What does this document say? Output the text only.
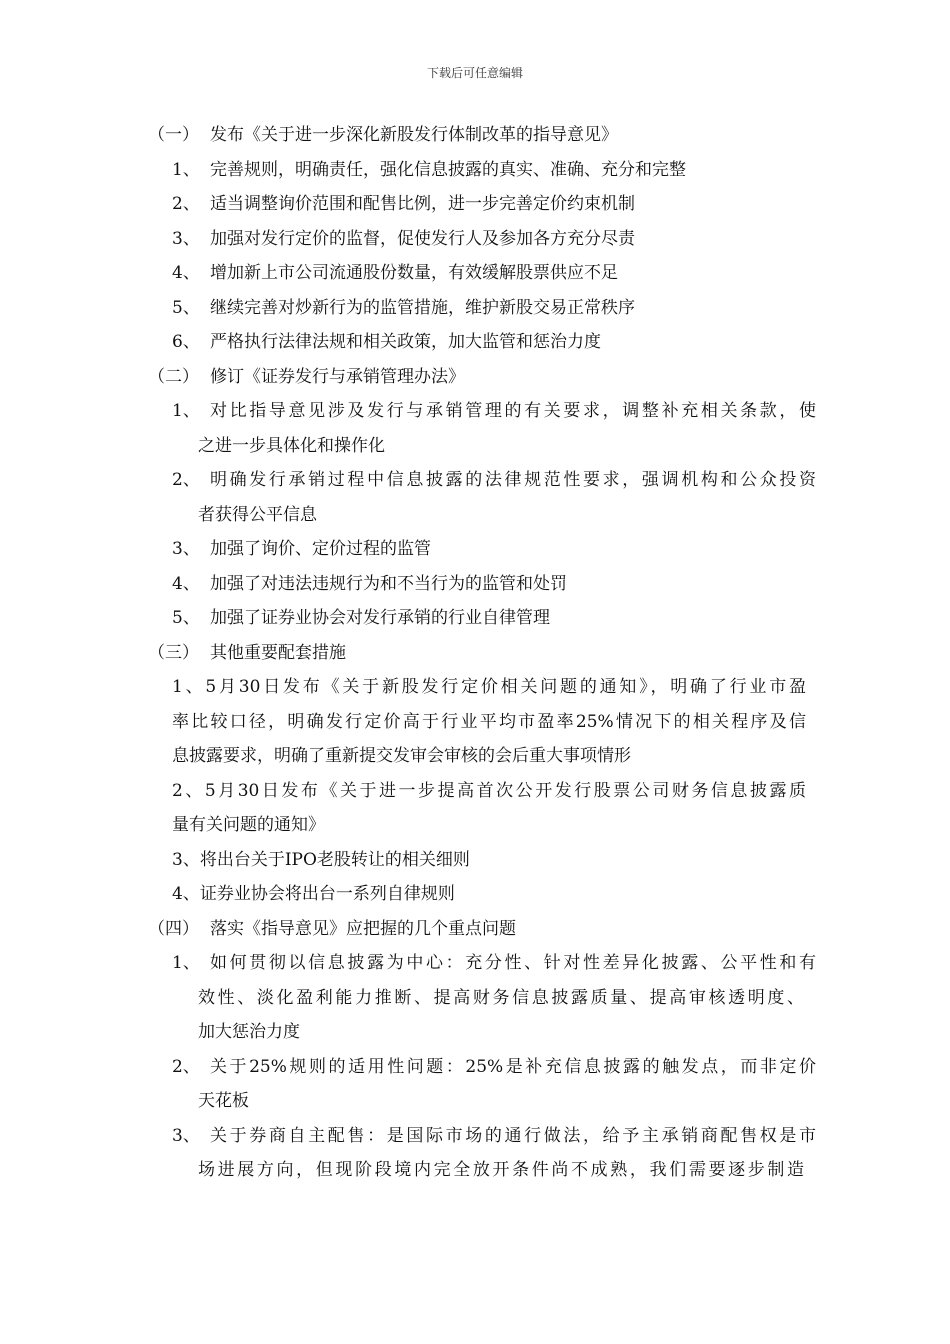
下载后可任意编辑
（一） 发布《关于进一步深化新股发行体制改革的指导意见》
1、 完善规则，明确责任，强化信息披露的真实、准确、充分和完整
2、 适当调整询价范围和配售比例，进一步完善定价约束机制
3、 加强对发行定价的监督，促使发行人及参加各方充分尽责
4、 增加新上市公司流通股份数量，有效缓解股票供应不足
5、 继续完善对炒新行为的监管措施，维护新股交易正常秩序
6、 严格执行法律法规和相关政策，加大监管和惩治力度
（二） 修订《证券发行与承销管理办法》
1、 对比指导意见涉及发行与承销管理的有关要求，调整补充相关条款，使
之进一步具体化和操作化
2、 明确发行承销过程中信息披露的法律规范性要求，强调机构和公众投资
者获得公平信息
3、 加强了询价、定价过程的监管
4、 加强了对违法违规行为和不当行为的监管和处罚
5、 加强了证券业协会对发行承销的行业自律管理
（三） 其他重要配套措施
1、5月30日发布《关于新股发行定价相关问题的通知》，明确了行业市盈
率比较口径，明确发行定价高于行业平均市盈率25%情况下的相关程序及信
息披露要求，明确了重新提交发审会审核的会后重大事项情形
2、5月30日发布《关于进一步提高首次公开发行股票公司财务信息披露质
量有关问题的通知》
3、将出台关于IPO老股转让的相关细则
4、证券业协会将出台一系列自律规则
（四） 落实《指导意见》应把握的几个重点问题
1、 如何贯彻以信息披露为中心：充分性、针对性差异化披露、公平性和有
效性、淡化盈利能力推断、提高财务信息披露质量、提高审核透明度、
加大惩治力度
2、 关于25%规则的适用性问题：25%是补充信息披露的触发点，而非定价
天花板
3、 关于券商自主配售：是国际市场的通行做法，给予主承销商配售权是市
场进展方向，但现阶段境内完全放开条件尚不成熟，我们需要逐步制造
